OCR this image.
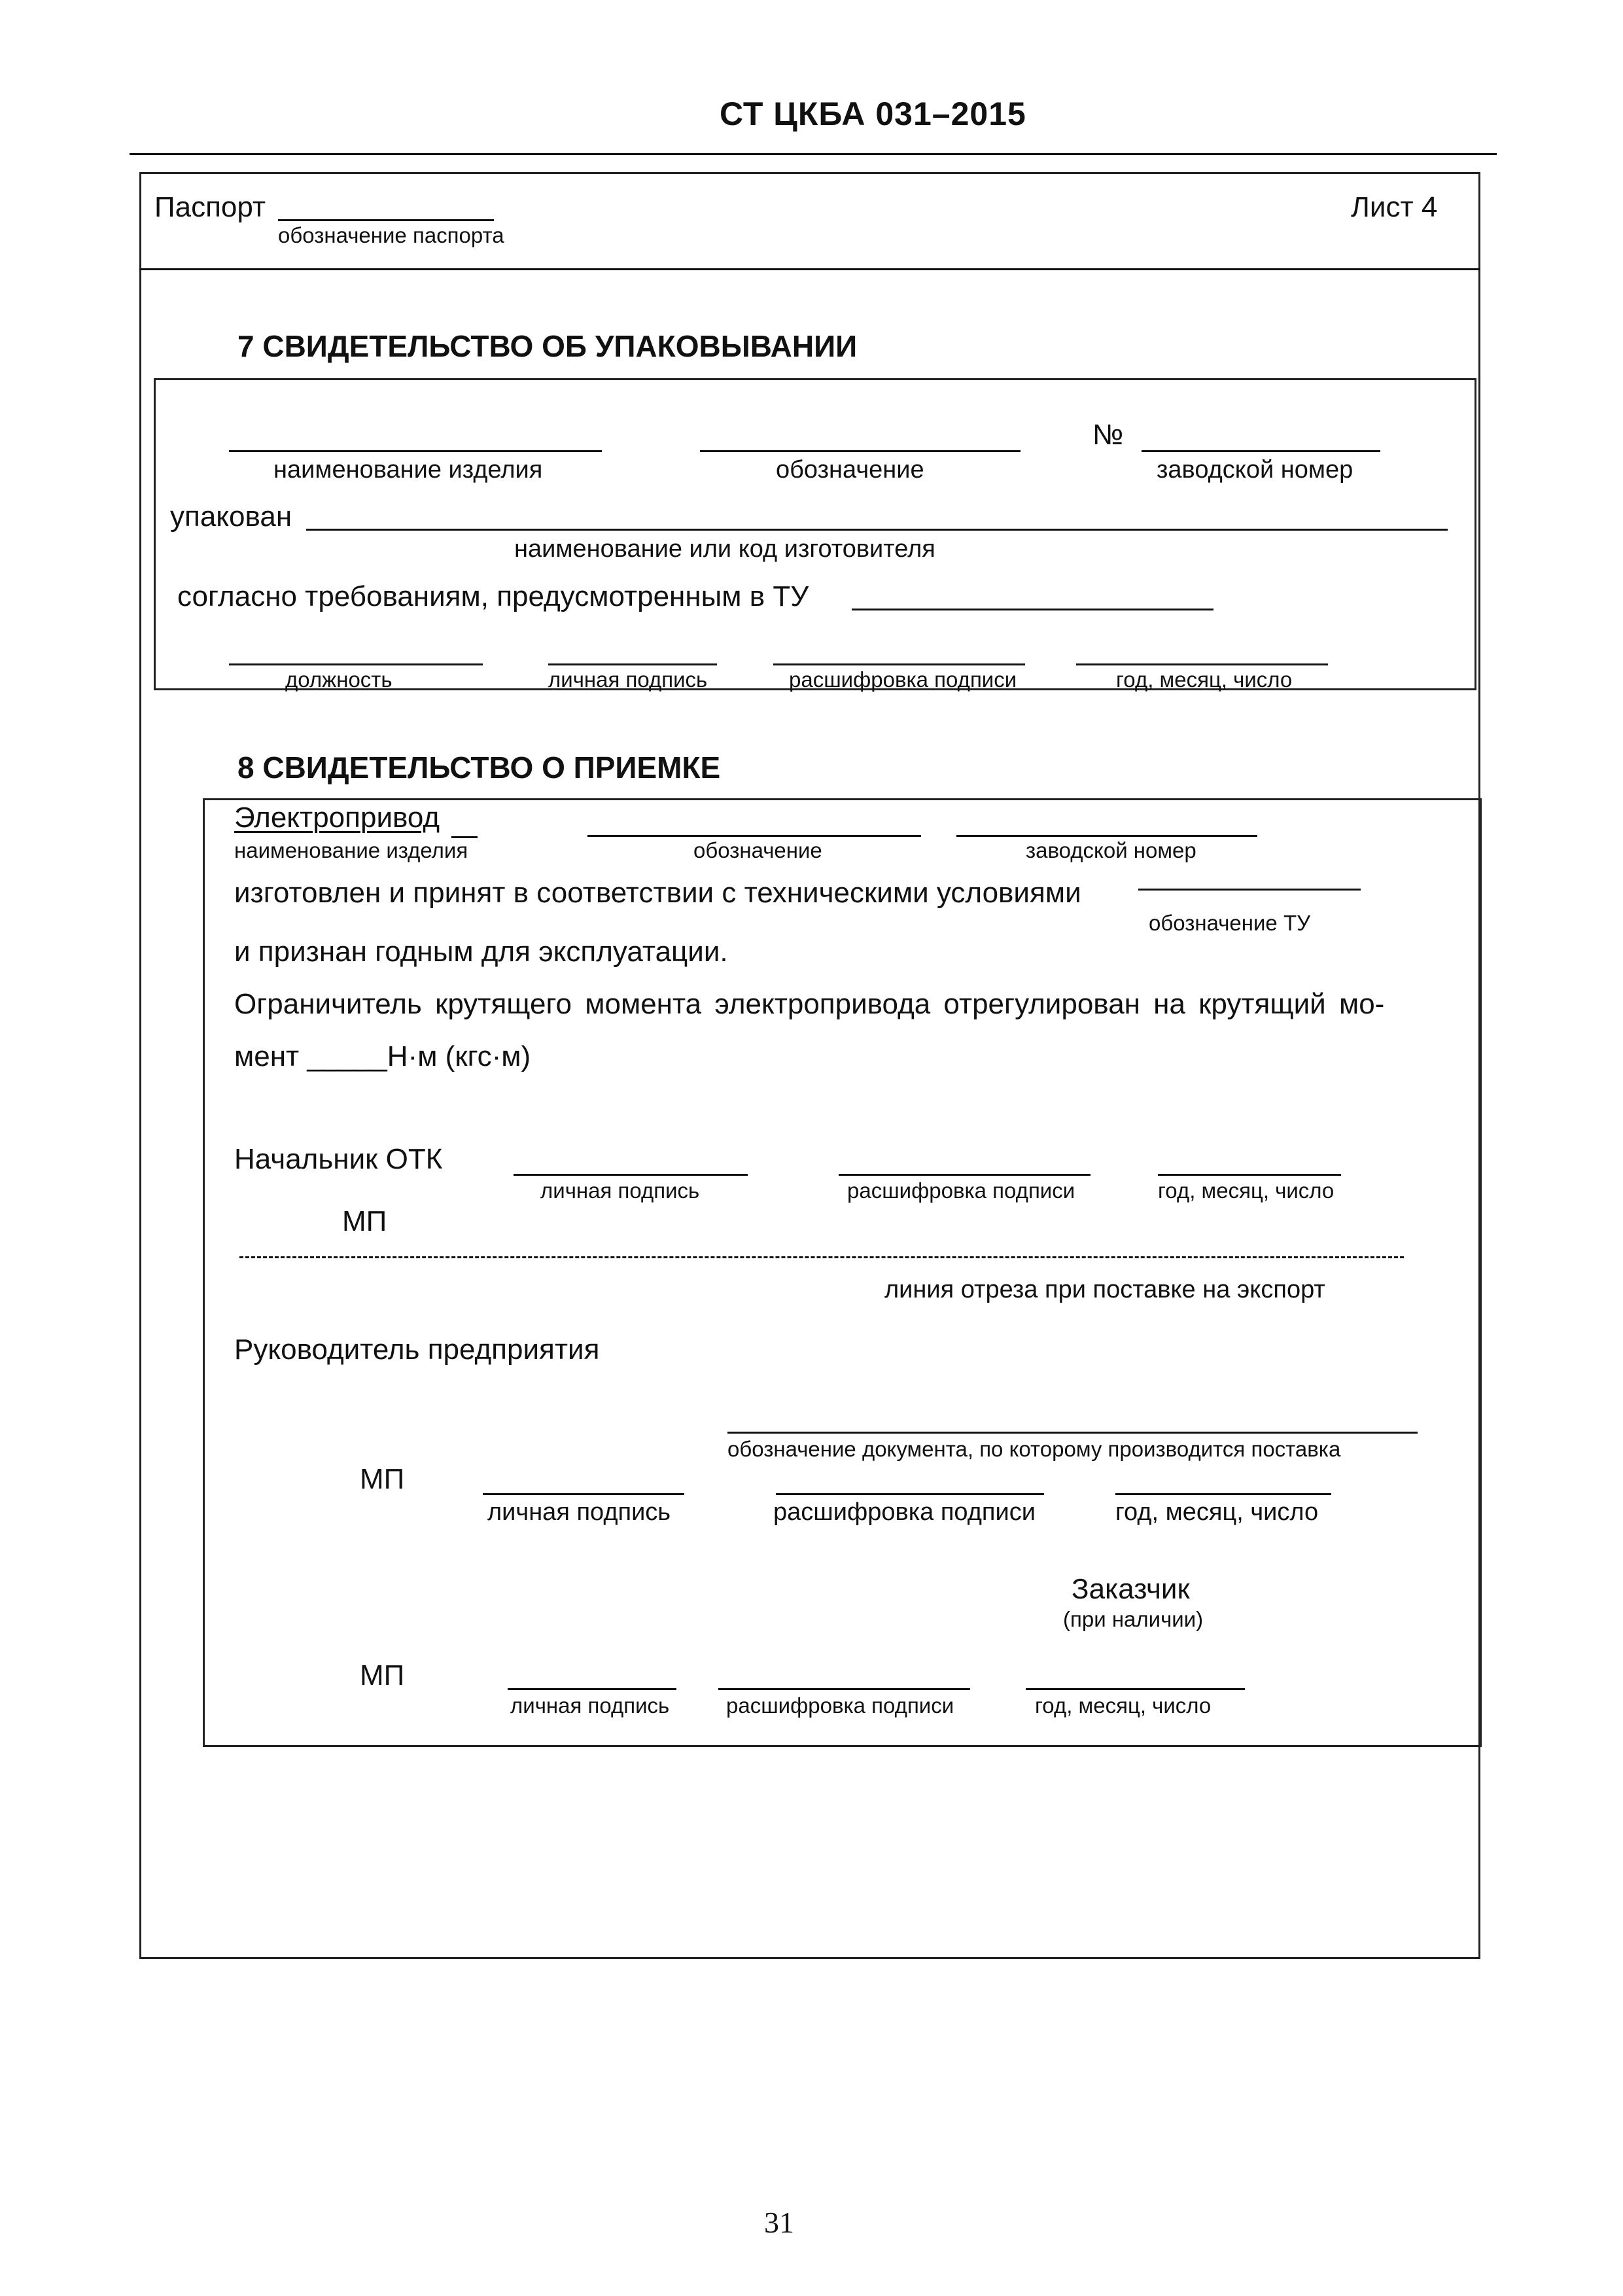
СТ ЦКБА 031–2015
Паспорт
обозначение паспорта
Лист 4
7 СВИДЕТЕЛЬСТВО ОБ УПАКОВЫВАНИИ
наименование изделия	обозначение
№
заводской номер
упакован
наименование или код изготовителя
согласно требованиям, предусмотренным в ТУ
должность	личная подпись	расшифровка подписи	год, месяц, число
8 СВИДЕТЕЛЬСТВО О ПРИЕМКЕ
Электропривод
наименование изделия	обозначение	заводской номер
изготовлен и принят в соответствии с техническими условиями
обозначение ТУ
и признан годным для эксплуатации.
Ограничитель крутящего момента электропривода отрегулирован на крутящий мо-
мент _____Н·м (кгс·м)
Начальник ОТК
личная подпись	расшифровка подписи	год, месяц, число
МП
линия отреза при поставке на экспорт
Руководитель предприятия
обозначение документа, по которому производится поставка
МП
личная подпись	расшифровка подписи	год, месяц, число
Заказчик
(при наличии)
МП
личная подпись	расшифровка подписи	год, месяц, число
31
